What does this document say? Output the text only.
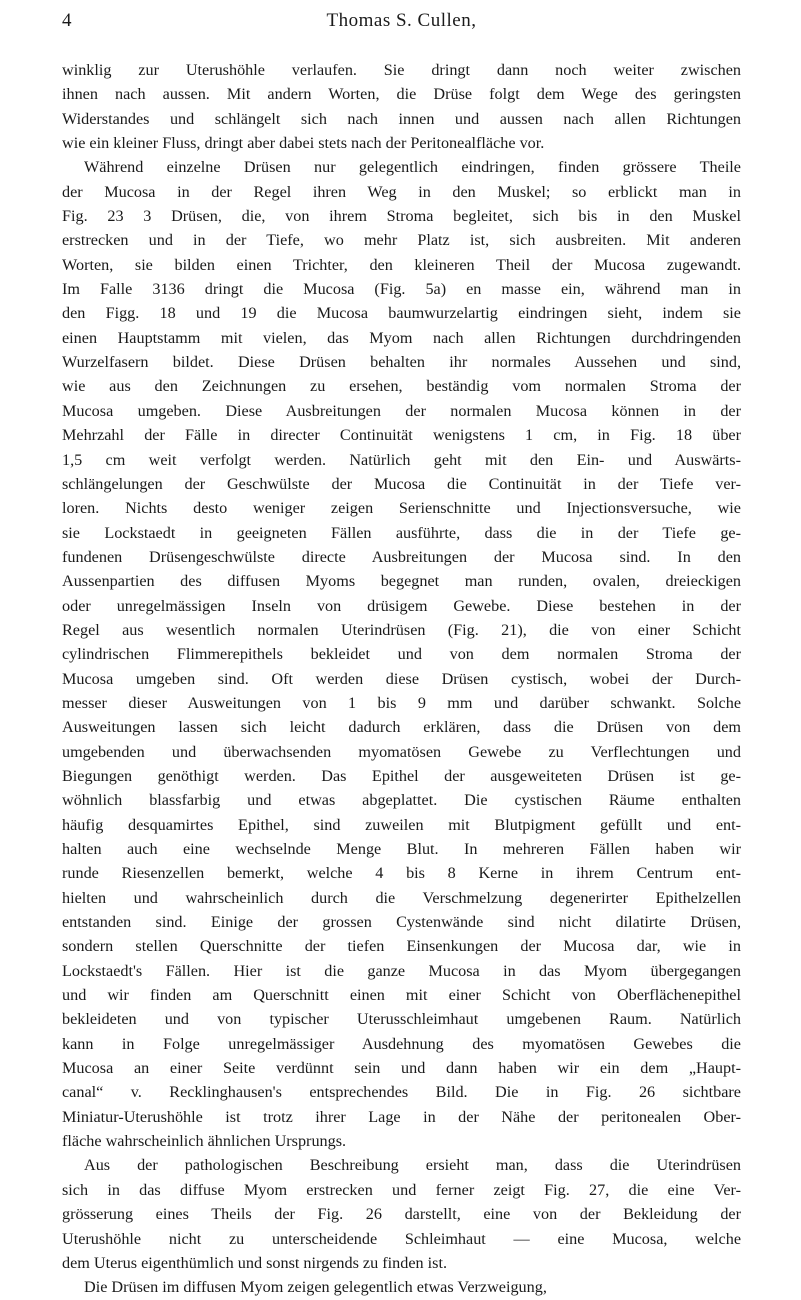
4	Thomas S. Cullen,

winklig zur Uterushöhle verlaufen. Sie dringt dann noch weiter zwischen
ihnen nach aussen. Mit andern Worten, die Drüse folgt dem Wege des geringsten
Widerstandes und schlängelt sich nach innen und aussen nach allen Richtungen
wie ein kleiner Fluss, dringt aber dabei stets nach der Peritonealfläche vor.

Während einzelne Drüsen nur gelegentlich eindringen, finden grössere Theile
der Mucosa in der Regel ihren Weg in den Muskel; so erblickt man in
Fig. 23 3 Drüsen, die, von ihrem Stroma begleitet, sich bis in den Muskel
erstrecken und in der Tiefe, wo mehr Platz ist, sich ausbreiten. Mit anderen
Worten, sie bilden einen Trichter, den kleineren Theil der Mucosa zugewandt.
Im Falle 3136 dringt die Mucosa (Fig. 5a) en masse ein, während man in
den Figg. 18 und 19 die Mucosa baumwurzelartig eindringen sieht, indem sie
einen Hauptstamm mit vielen, das Myom nach allen Richtungen durchdringenden
Wurzelfasern bildet. Diese Drüsen behalten ihr normales Aussehen und sind,
wie aus den Zeichnungen zu ersehen, beständig vom normalen Stroma der
Mucosa umgeben. Diese Ausbreitungen der normalen Mucosa können in der
Mehrzahl der Fälle in directer Continuität wenigstens 1 cm, in Fig. 18 über
1,5 cm weit verfolgt werden. Natürlich geht mit den Ein- und Auswärts-
schlängelungen der Geschwülste der Mucosa die Continuität in der Tiefe ver-
loren. Nichts desto weniger zeigen Serienschnitte und Injectionsversuche, wie
sie Lockstaedt in geeigneten Fällen ausführte, dass die in der Tiefe ge-
fundenen Drüsengeschwülste directe Ausbreitungen der Mucosa sind. In den
Aussenpartien des diffusen Myoms begegnet man runden, ovalen, dreieckigen
oder unregelmässigen Inseln von drüsigem Gewebe. Diese bestehen in der
Regel aus wesentlich normalen Uterindrüsen (Fig. 21), die von einer Schicht
cylindrischen Flimmerepithels bekleidet und von dem normalen Stroma der
Mucosa umgeben sind. Oft werden diese Drüsen cystisch, wobei der Durch-
messer dieser Ausweitungen von 1 bis 9 mm und darüber schwankt. Solche
Ausweitungen lassen sich leicht dadurch erklären, dass die Drüsen von dem
umgebenden und überwachsenden myomatösen Gewebe zu Verflechtungen und
Biegungen genöthigt werden. Das Epithel der ausgeweiteten Drüsen ist ge-
wöhnlich blassfarbig und etwas abgeplattet. Die cystischen Räume enthalten
häufig desquamirtes Epithel, sind zuweilen mit Blutpigment gefüllt und ent-
halten auch eine wechselnde Menge Blut. In mehreren Fällen haben wir
runde Riesenzellen bemerkt, welche 4 bis 8 Kerne in ihrem Centrum ent-
hielten und wahrscheinlich durch die Verschmelzung degenerirter Epithelzellen
entstanden sind. Einige der grossen Cystenwände sind nicht dilatirte Drüsen,
sondern stellen Querschnitte der tiefen Einsenkungen der Mucosa dar, wie in
Lockstaedt's Fällen. Hier ist die ganze Mucosa in das Myom übergegangen
und wir finden am Querschnitt einen mit einer Schicht von Oberflächenepithel
bekleideten und von typischer Uterusschleimhaut umgebenen Raum. Natürlich
kann in Folge unregelmässiger Ausdehnung des myomatösen Gewebes die
Mucosa an einer Seite verdünnt sein und dann haben wir ein dem „Haupt-
canal“ v. Recklinghausen's entsprechendes Bild. Die in Fig. 26 sichtbare
Miniatur-Uterushöhle ist trotz ihrer Lage in der Nähe der peritonealen Ober-
fläche wahrscheinlich ähnlichen Ursprungs.

Aus der pathologischen Beschreibung ersieht man, dass die Uterindrüsen
sich in das diffuse Myom erstrecken und ferner zeigt Fig. 27, die eine Ver-
grösserung eines Theils der Fig. 26 darstellt, eine von der Bekleidung der
Uterushöhle nicht zu unterscheidende Schleimhaut — eine Mucosa, welche
dem Uterus eigenthümlich und sonst nirgends zu finden ist.

Die Drüsen im diffusen Myom zeigen gelegentlich etwas Verzweigung,
